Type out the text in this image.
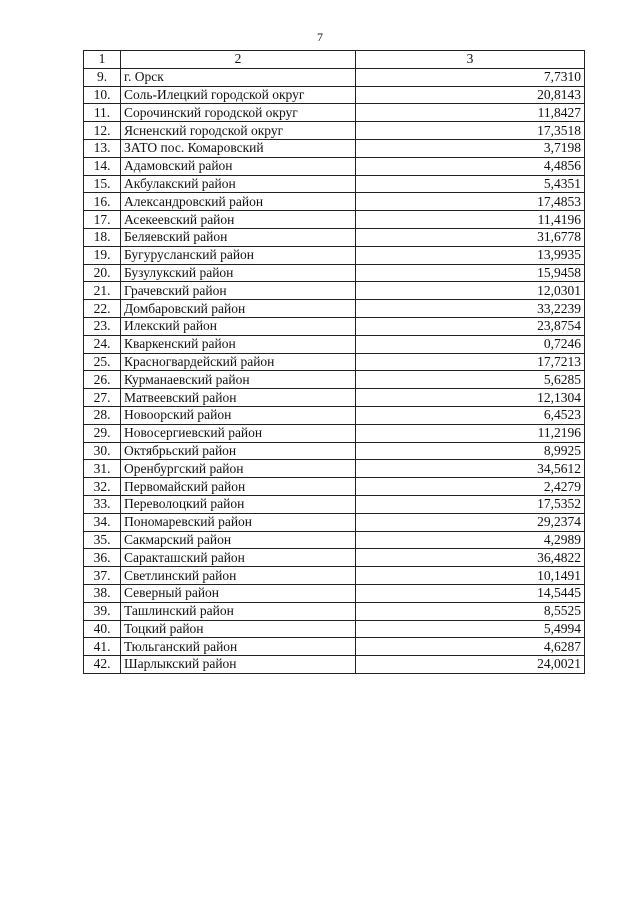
7
1	2	3
9.	г. Орск	7,7310
10.	Соль-Илецкий городской округ	20,8143
11.	Сорочинский городской округ	11,8427
12.	Ясненский городской округ	17,3518
13.	ЗАТО пос. Комаровский	3,7198
14.	Адамовский район	4,4856
15.	Акбулакский район	5,4351
16.	Александровский район	17,4853
17.	Асекеевский район	11,4196
18.	Беляевский район	31,6778
19.	Бугурусланский район	13,9935
20.	Бузулукский район	15,9458
21.	Грачевский район	12,0301
22.	Домбаровский район	33,2239
23.	Илекский район	23,8754
24.	Кваркенский район	0,7246
25.	Красногвардейский район	17,7213
26.	Курманаевский район	5,6285
27.	Матвеевский район	12,1304
28.	Новоорский район	6,4523
29.	Новосергиевский район	11,2196
30.	Октябрьский район	8,9925
31.	Оренбургский район	34,5612
32.	Первомайский район	2,4279
33.	Переволоцкий район	17,5352
34.	Пономаревский район	29,2374
35.	Сакмарский район	4,2989
36.	Саракташский район	36,4822
37.	Светлинский район	10,1491
38.	Северный район	14,5445
39.	Ташлинский район	8,5525
40.	Тоцкий район	5,4994
41.	Тюльганский район	4,6287
42.	Шарлыкский район	24,0021
